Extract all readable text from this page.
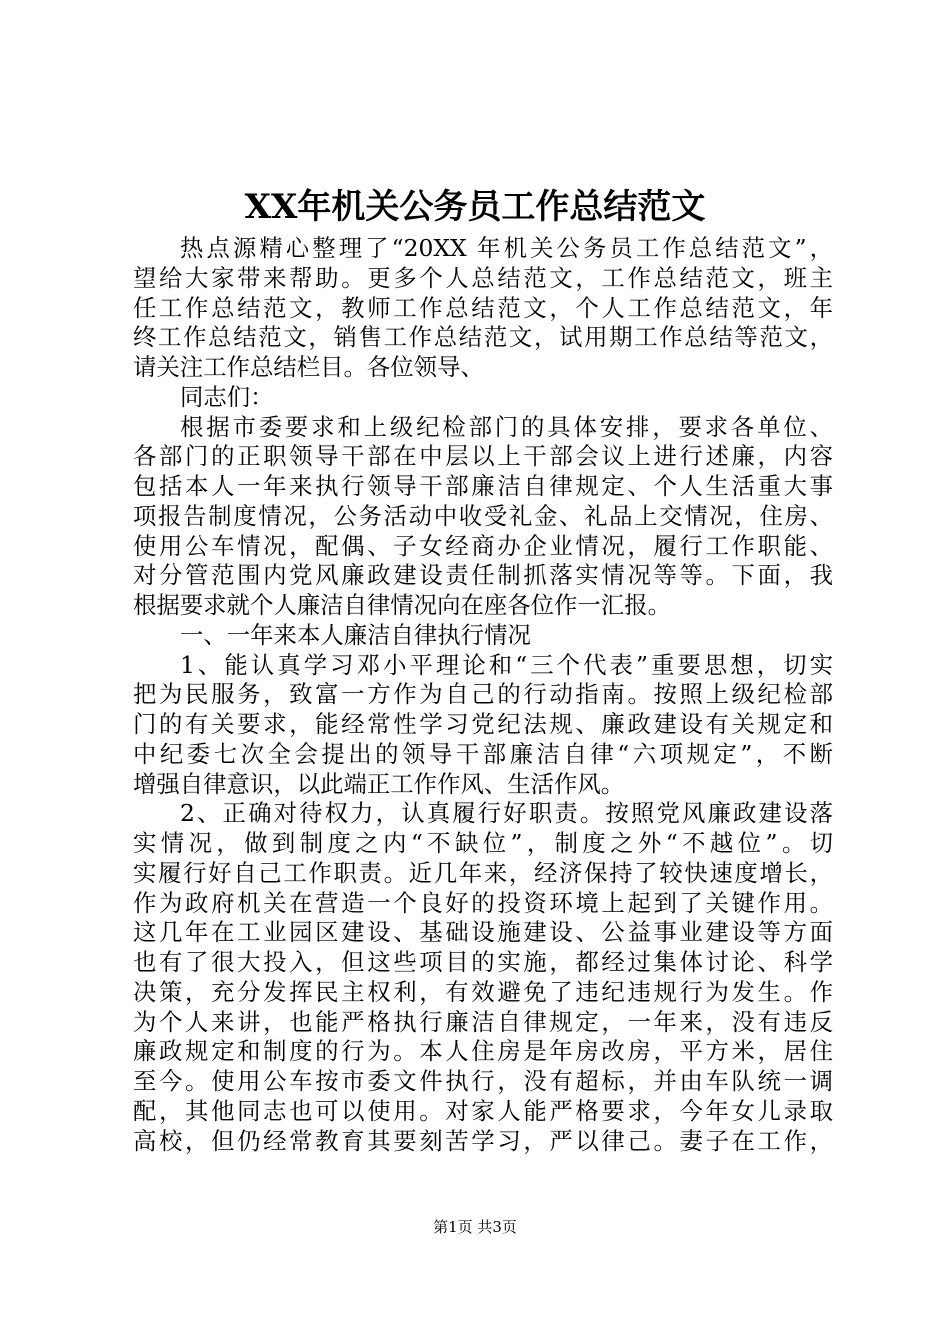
XX年机关公务员工作总结范文
热点源精心整理了“20XX 年机关公务员工作总结范文”，
望给大家带来帮助。更多个人总结范文，工作总结范文，班主
任工作总结范文，教师工作总结范文，个人工作总结范文，年
终工作总结范文，销售工作总结范文，试用期工作总结等范文，
请关注工作总结栏目。各位领导、
同志们：
根据市委要求和上级纪检部门的具体安排，要求各单位、
各部门的正职领导干部在中层以上干部会议上进行述廉，内容
包括本人一年来执行领导干部廉洁自律规定、个人生活重大事
项报告制度情况，公务活动中收受礼金、礼品上交情况，住房、
使用公车情况，配偶、子女经商办企业情况，履行工作职能、
对分管范围内党风廉政建设责任制抓落实情况等等。下面，我
根据要求就个人廉洁自律情况向在座各位作一汇报。
一、一年来本人廉洁自律执行情况
1、能认真学习邓小平理论和“三个代表”重要思想，切实
把为民服务，致富一方作为自己的行动指南。按照上级纪检部
门的有关要求，能经常性学习党纪法规、廉政建设有关规定和
中纪委七次全会提出的领导干部廉洁自律“六项规定”，不断
增强自律意识，以此端正工作作风、生活作风。
2、正确对待权力，认真履行好职责。按照党风廉政建设落
实情况，做到制度之内“不缺位”，制度之外“不越位”。切
实履行好自己工作职责。近几年来，经济保持了较快速度增长，
作为政府机关在营造一个良好的投资环境上起到了关键作用。
这几年在工业园区建设、基础设施建设、公益事业建设等方面
也有了很大投入，但这些项目的实施，都经过集体讨论、科学
决策，充分发挥民主权利，有效避免了违纪违规行为发生。作
为个人来讲，也能严格执行廉洁自律规定，一年来，没有违反
廉政规定和制度的行为。本人住房是年房改房，平方米，居住
至今。使用公车按市委文件执行，没有超标，并由车队统一调
配，其他同志也可以使用。对家人能严格要求，今年女儿录取
高校，但仍经常教育其要刻苦学习，严以律己。妻子在工作，
第1页 共3页
